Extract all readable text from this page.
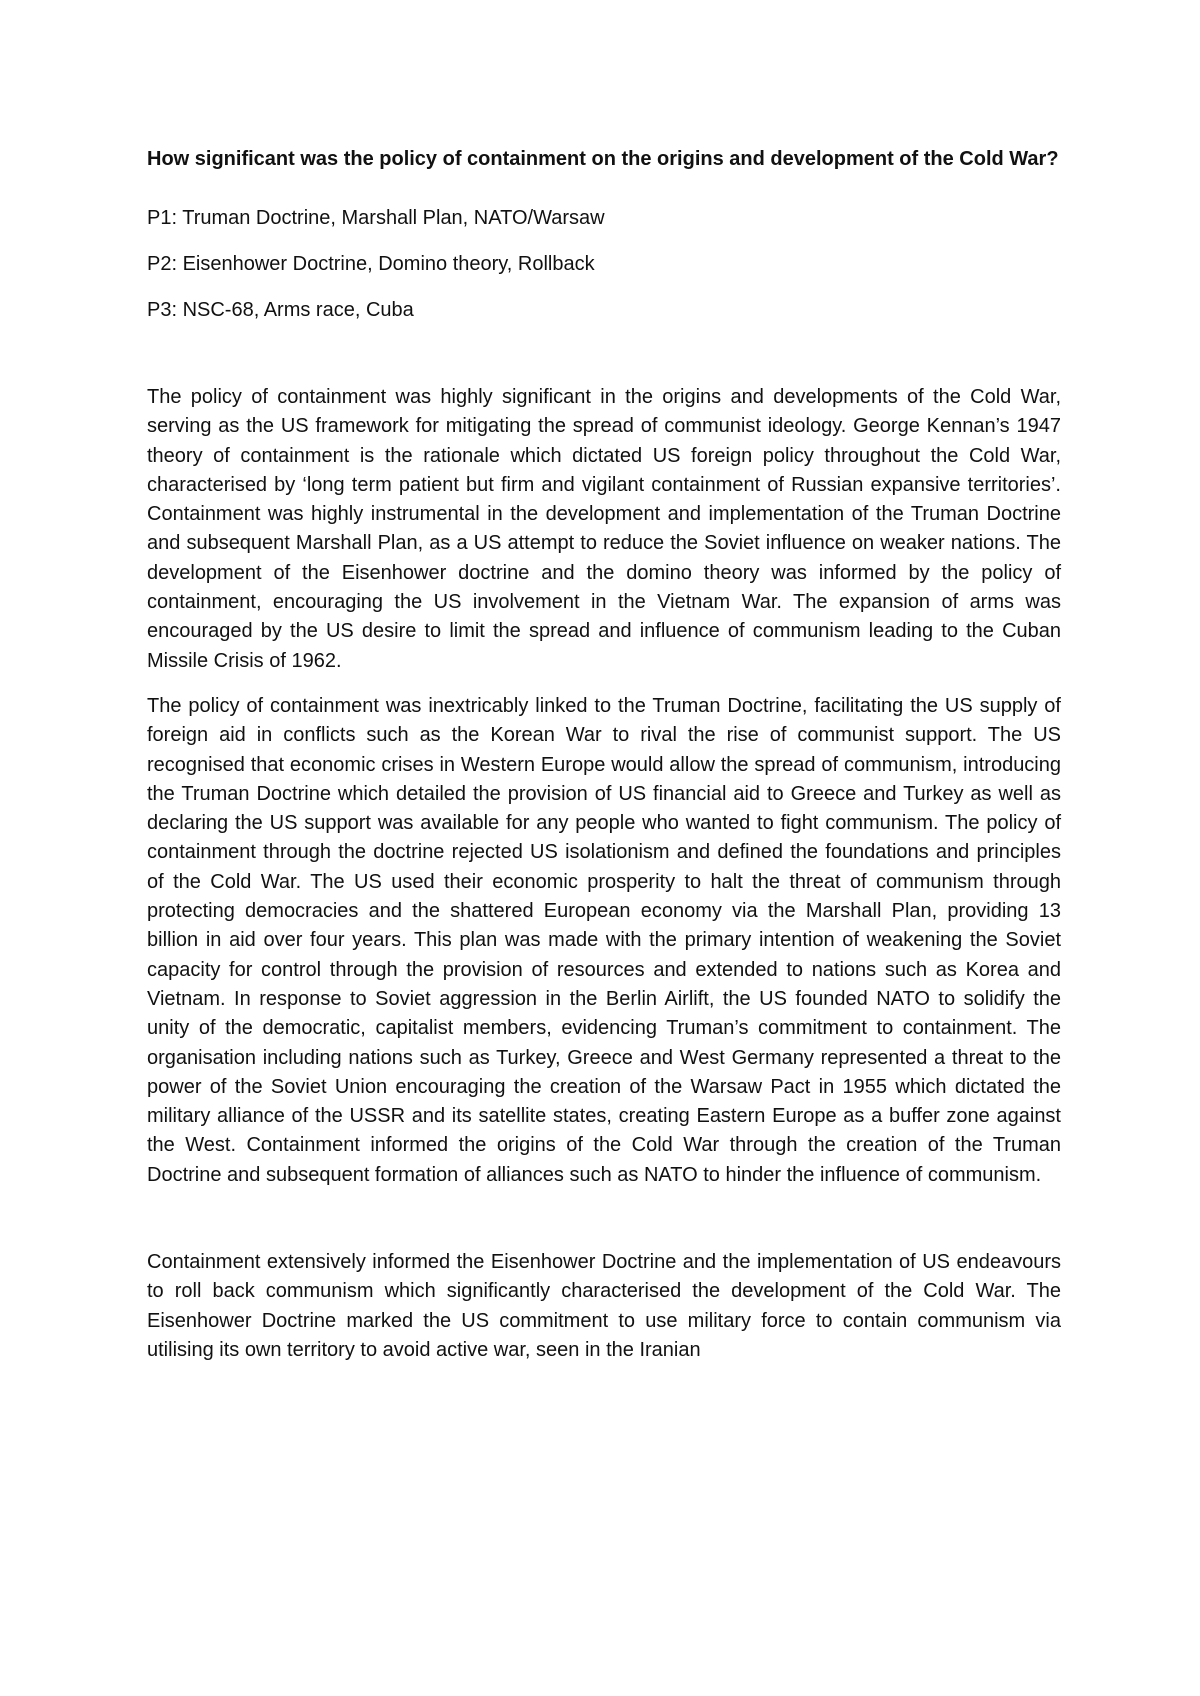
How significant was the policy of containment on the origins and development of the Cold War?

P1: Truman Doctrine, Marshall Plan, NATO/Warsaw

P2: Eisenhower Doctrine, Domino theory, Rollback

P3: NSC-68, Arms race, Cuba

The policy of containment was highly significant in the origins and developments of the Cold War, serving as the US framework for mitigating the spread of communist ideology. George Kennan’s 1947 theory of containment is the rationale which dictated US foreign policy throughout the Cold War, characterised by ‘long term patient but firm and vigilant containment of Russian expansive territories’. Containment was highly instrumental in the development and implementation of the Truman Doctrine and subsequent Marshall Plan, as a US attempt to reduce the Soviet influence on weaker nations. The development of the Eisenhower doctrine and the domino theory was informed by the policy of containment, encouraging the US involvement in the Vietnam War. The expansion of arms was encouraged by the US desire to limit the spread and influence of communism leading to the Cuban Missile Crisis of 1962.

The policy of containment was inextricably linked to the Truman Doctrine, facilitating the US supply of foreign aid in conflicts such as the Korean War to rival the rise of communist support. The US recognised that economic crises in Western Europe would allow the spread of communism, introducing the Truman Doctrine which detailed the provision of US financial aid to Greece and Turkey as well as declaring the US support was available for any people who wanted to fight communism. The policy of containment through the doctrine rejected US isolationism and defined the foundations and principles of the Cold War. The US used their economic prosperity to halt the threat of communism through protecting democracies and the shattered European economy via the Marshall Plan, providing 13 billion in aid over four years. This plan was made with the primary intention of weakening the Soviet capacity for control through the provision of resources and extended to nations such as Korea and Vietnam. In response to Soviet aggression in the Berlin Airlift, the US founded NATO to solidify the unity of the democratic, capitalist members, evidencing Truman’s commitment to containment. The organisation including nations such as Turkey, Greece and West Germany represented a threat to the power of the Soviet Union encouraging the creation of the Warsaw Pact in 1955 which dictated the military alliance of the USSR and its satellite states, creating Eastern Europe as a buffer zone against the West. Containment informed the origins of the Cold War through the creation of the Truman Doctrine and subsequent formation of alliances such as NATO to hinder the influence of communism.

Containment extensively informed the Eisenhower Doctrine and the implementation of US endeavours to roll back communism which significantly characterised the development of the Cold War. The Eisenhower Doctrine marked the US commitment to use military force to contain communism via utilising its own territory to avoid active war, seen in the Iranian
